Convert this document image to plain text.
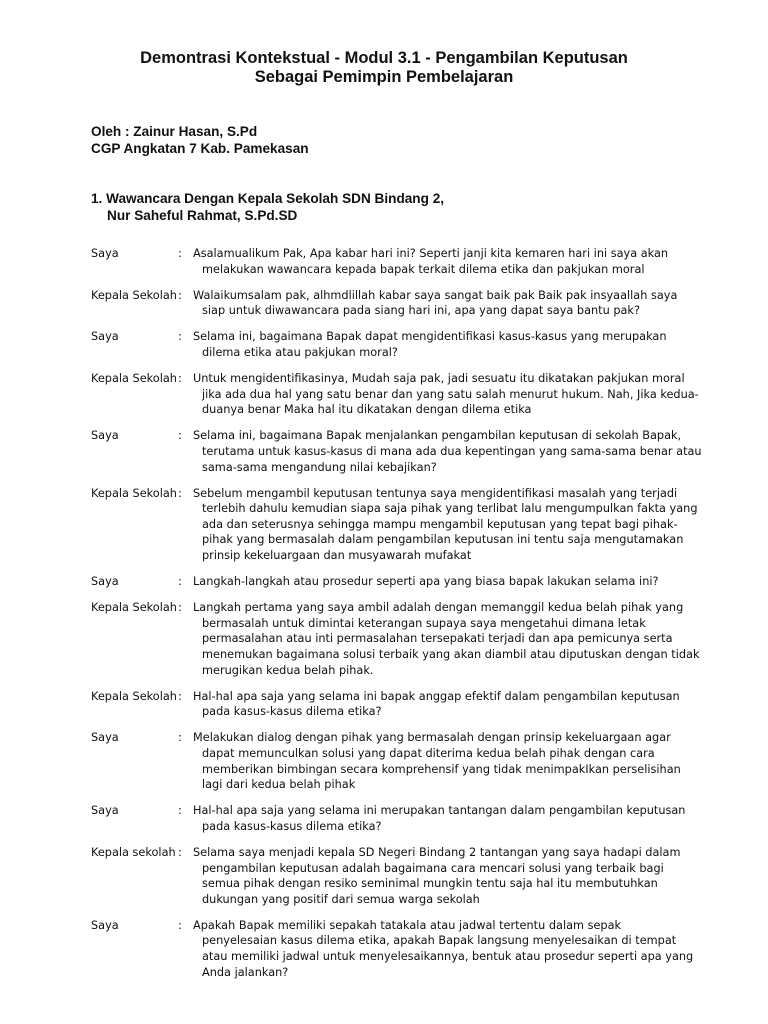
Demontrasi Kontekstual - Modul 3.1 - Pengambilan Keputusan
Sebagai Pemimpin Pembelajaran
Oleh : Zainur Hasan, S.Pd
CGP Angkatan 7 Kab. Pamekasan
1. Wawancara Dengan Kepala Sekolah SDN Bindang 2,
Nur Saheful Rahmat, S.Pd.SD
Saya	: Asalamualikum Pak, Apa kabar hari ini? Seperti janji kita kemaren hari ini saya akan
melakukan wawancara kepada bapak terkait dilema etika dan pakjukan moral
Kepala Sekolah : Walaikumsalam pak, alhmdlillah kabar saya sangat baik pak Baik pak insyaallah saya
siap untuk diwawancara pada siang hari ini, apa yang dapat saya bantu pak?
Saya	: Selama ini, bagaimana Bapak dapat mengidentifikasi kasus-kasus yang merupakan
dilema etika atau pakjukan moral?
Kepala Sekolah : Untuk mengidentifikasinya, Mudah saja pak, jadi sesuatu itu dikatakan pakjukan moral
jika ada dua hal yang satu benar dan yang satu salah menurut hukum. Nah, Jika kedua-
duanya benar Maka hal itu dikatakan dengan dilema etika
Saya	: Selama ini, bagaimana Bapak menjalankan pengambilan keputusan di sekolah Bapak,
terutama untuk kasus-kasus di mana ada dua kepentingan yang sama-sama benar atau
sama-sama mengandung nilai kebajikan?
Kepala Sekolah : Sebelum mengambil keputusan tentunya saya mengidentifikasi masalah yang terjadi
terlebih dahulu kemudian siapa saja pihak yang terlibat lalu mengumpulkan fakta yang
ada dan seterusnya sehingga mampu mengambil keputusan yang tepat bagi pihak-
pihak yang bermasalah dalam pengambilan keputusan ini tentu saja mengutamakan
prinsip kekeluargaan dan musyawarah mufakat
Saya	: Langkah-langkah atau prosedur seperti apa yang biasa bapak lakukan selama ini?
Kepala Sekolah : Langkah pertama yang saya ambil adalah dengan memanggil kedua belah pihak yang
bermasalah untuk dimintai keterangan supaya saya mengetahui dimana letak
permasalahan atau inti permasalahan tersepakati terjadi dan apa pemicunya serta
menemukan bagaimana solusi terbaik yang akan diambil atau diputuskan dengan tidak
merugikan kedua belah pihak.
Kepala Sekolah : Hal-hal apa saja yang selama ini bapak anggap efektif dalam pengambilan keputusan
pada kasus-kasus dilema etika?
Saya	: Melakukan dialog dengan pihak yang bermasalah dengan prinsip kekeluargaan agar
dapat memunculkan solusi yang dapat diterima kedua belah pihak dengan cara
memberikan bimbingan secara komprehensif yang tidak menimpakIkan perselisihan
lagi dari kedua belah pihak
Saya	: Hal-hal apa saja yang selama ini merupakan tantangan dalam pengambilan keputusan
pada kasus-kasus dilema etika?
Kepala sekolah : Selama saya menjadi kepala SD Negeri Bindang 2 tantangan yang saya hadapi dalam
pengambilan keputusan adalah bagaimana cara mencari solusi yang terbaik bagi
semua pihak dengan resiko seminimal mungkin tentu saja hal itu membutuhkan
dukungan yang positif dari semua warga sekolah
Saya	: Apakah Bapak memiliki sepakah tatakala atau jadwal tertentu dalam sepak
penyelesaian kasus dilema etika, apakah Bapak langsung menyelesaikan di tempat
atau memiliki jadwal untuk menyelesaikannya, bentuk atau prosedur seperti apa yang
Anda jalankan?
